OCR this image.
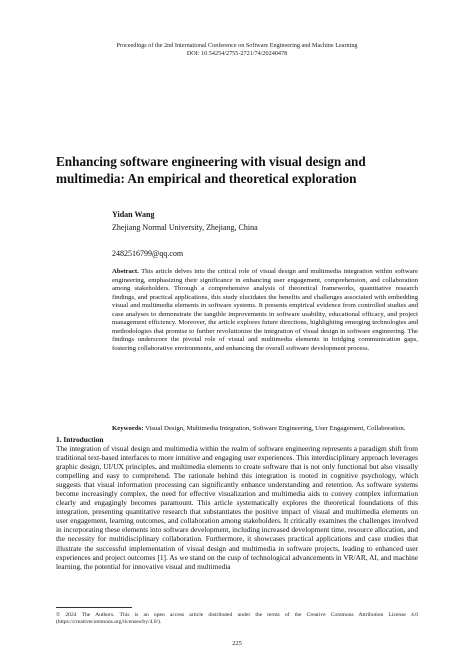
Proceedings of the 2nd International Conference on Software Engineering and Machine Learning
DOI: 10.54254/2755-2721/74/20240478
Enhancing software engineering with visual design and multimedia: An empirical and theoretical exploration
Yidan Wang
Zhejiang Normal University, Zhejiang, China
2482516799@qq.com
Abstract. This article delves into the critical role of visual design and multimedia integration within software engineering, emphasizing their significance in enhancing user engagement, comprehension, and collaboration among stakeholders. Through a comprehensive analysis of theoretical frameworks, quantitative research findings, and practical applications, this study elucidates the benefits and challenges associated with embedding visual and multimedia elements in software systems. It presents empirical evidence from controlled studies and case analyses to demonstrate the tangible improvements in software usability, educational efficacy, and project management efficiency. Moreover, the article explores future directions, highlighting emerging technologies and methodologies that promise to further revolutionize the integration of visual design in software engineering. The findings underscore the pivotal role of visual and multimedia elements in bridging communication gaps, fostering collaborative environments, and enhancing the overall software development process.
Keywords: Visual Design, Multimedia Integration, Software Engineering, User Engagement, Collaboration.
1. Introduction
The integration of visual design and multimedia within the realm of software engineering represents a paradigm shift from traditional text-based interfaces to more intuitive and engaging user experiences. This interdisciplinary approach leverages graphic design, UI/UX principles, and multimedia elements to create software that is not only functional but also visually compelling and easy to comprehend. The rationale behind this integration is rooted in cognitive psychology, which suggests that visual information processing can significantly enhance understanding and retention. As software systems become increasingly complex, the need for effective visualization and multimedia aids to convey complex information clearly and engagingly becomes paramount. This article systematically explores the theoretical foundations of this integration, presenting quantitative research that substantiates the positive impact of visual and multimedia elements on user engagement, learning outcomes, and collaboration among stakeholders. It critically examines the challenges involved in incorporating these elements into software development, including increased development time, resource allocation, and the necessity for multidisciplinary collaboration. Furthermore, it showcases practical applications and case studies that illustrate the successful implementation of visual design and multimedia in software projects, leading to enhanced user experiences and project outcomes [1]. As we stand on the cusp of technological advancements in VR/AR, AI, and machine learning, the potential for innovative visual and multimedia
© 2024 The Authors. This is an open access article distributed under the terms of the Creative Commons Attribution License 4.0 (https://creativecommons.org/licenses/by/4.0/).
225
